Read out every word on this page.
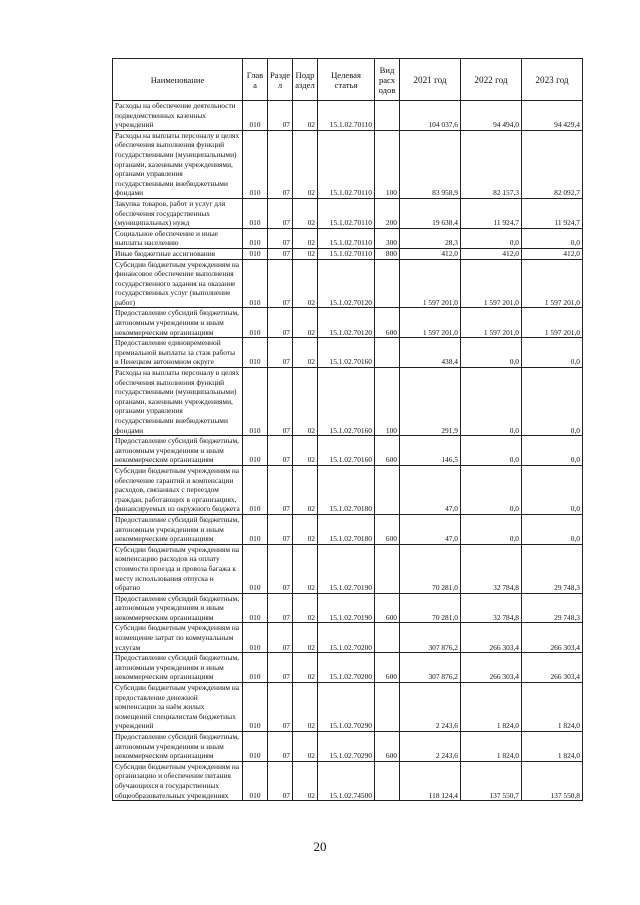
Наименование	Глав а	Разде л	Подр аздел	Целевая статья	Вид расх одов	2021 год	2022 год	2023 год
Расходы на обеспечение деятельности подведомственных казенных учреждений	010	07	02	15.1.02.70110		104 037,6	94 494,0	94 429,4
Расходы на выплаты персоналу в целях обеспечения выполнения функций государственными (муниципальными) органами, казенными учреждениями, органами управления государственными внебюджетными фондами	010	07	02	15.1.02.70110	100	83 958,9	82 157,3	82 092,7
Закупка товаров, работ и услуг для обеспечения государственных (муниципальных) нужд	010	07	02	15.1.02.70110	200	19 638,4	11 924,7	11 924,7
Социальное обеспечение и иные выплаты населению	010	07	02	15.1.02.70110	300	28,3	0,0	0,0
Иные бюджетные ассигнования	010	07	02	15.1.02.70110	800	412,0	412,0	412,0
Субсидии бюджетным учреждениям на финансовое обеспечение выполнения государственного задания на оказание государственных услуг (выполнение работ)	010	07	02	15.1.02.70120		1 597 201,0	1 597 201,0	1 597 201,0
Предоставление субсидий бюджетным, автономным учреждениям и иным некоммерческим организациям	010	07	02	15.1.02.70120	600	1 597 201,0	1 597 201,0	1 597 201,0
Предоставление единовременной премиальной выплаты за стаж работы в Ненецком автономном округе	010	07	02	15.1.02.70160		438,4	0,0	0,0
Расходы на выплаты персоналу в целях обеспечения выполнения функций государственными (муниципальными) органами, казенными учреждениями, органами управления государственными внебюджетными фондами	010	07	02	15.1.02.70160	100	291,9	0,0	0,0
Предоставление субсидий бюджетным, автономным учреждениям и иным некоммерческим организациям	010	07	02	15.1.02.70160	600	146,5	0,0	0,0
Субсидии бюджетным учреждениям на обеспечение гарантий и компенсации расходов, связанных с переездом граждан, работающих в организациях, финансируемых из окружного бюджета	010	07	02	15.1.02.70180		47,0	0,0	0,0
Предоставление субсидий бюджетным, автономным учреждениям и иным некоммерческим организациям	010	07	02	15.1.02.70180	600	47,0	0,0	0,0
Субсидии бюджетным учреждениям на компенсацию расходов на оплату стоимости проезда и провоза багажа к месту использования отпуска и обратно	010	07	02	15.1.02.70190		70 281,0	32 784,8	29 748,3
Предоставление субсидий бюджетным, автономным учреждениям и иным некоммерческим организациям	010	07	02	15.1.02.70190	600	70 281,0	32 784,8	29 748,3
Субсидии бюджетным учреждениям на возмещение затрат по коммунальным услугам	010	07	02	15.1.02.70200		307 876,2	266 303,4	266 303,4
Предоставление субсидий бюджетным, автономным учреждениям и иным некоммерческим организациям	010	07	02	15.1.02.70200	600	307 876,2	266 303,4	266 303,4
Субсидии бюджетным учреждениям на предоставление денежной компенсации за наём жилых помещений специалистам бюджетных учреждений	010	07	02	15.1.02.70290		2 243,6	1 824,0	1 824,0
Предоставление субсидий бюджетным, автономным учреждениям и иным некоммерческим организациям	010	07	02	15.1.02.70290	600	2 243,6	1 824,0	1 824,0
Субсидии бюджетным учреждениям на организацию и обеспечение питания обучающихся в государственных общеобразовательных учреждениях	010	07	02	15.1.02.74500		118 124,4	137 550,7	137 550,8
20
